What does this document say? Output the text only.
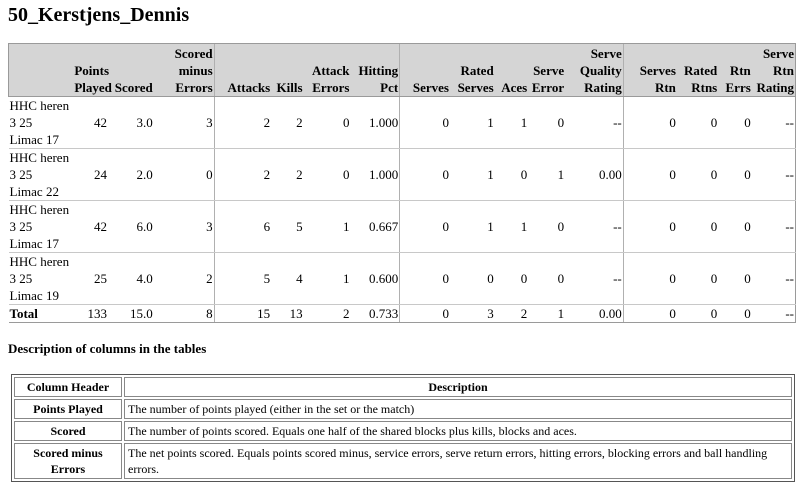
50_Kerstjens_Dennis
	Points Played	Scored	Scored minus Errors	Attacks	Kills	Attack Errors	Hitting Pct	Serves	Rated Serves	Aces	Serve Error	Serve Quality Rating	Serves Rtn	Rated Rtns	Rtn Errs	Serve Rtn Rating
HHC heren
3 25
Limac 17	42	3.0	3	2	2	0	1.000	0	1	1	0	--	0	0	0	--
HHC heren
3 25
Limac 22	24	2.0	0	2	2	0	1.000	0	1	0	1	0.00	0	0	0	--
HHC heren
3 25
Limac 17	42	6.0	3	6	5	1	0.667	0	1	1	0	--	0	0	0	--
HHC heren
3 25
Limac 19	25	4.0	2	5	4	1	0.600	0	0	0	0	--	0	0	0	--
Total	133	15.0	8	15	13	2	0.733	0	3	2	1	0.00	0	0	0	--
Description of columns in the tables
Column Header	Description
Points Played	The number of points played (either in the set or the match)
Scored	The number of points scored. Equals one half of the shared blocks plus kills, blocks and aces.
Scored minus Errors	The net points scored. Equals points scored minus, service errors, serve return errors, hitting errors, blocking errors and ball handling errors.
